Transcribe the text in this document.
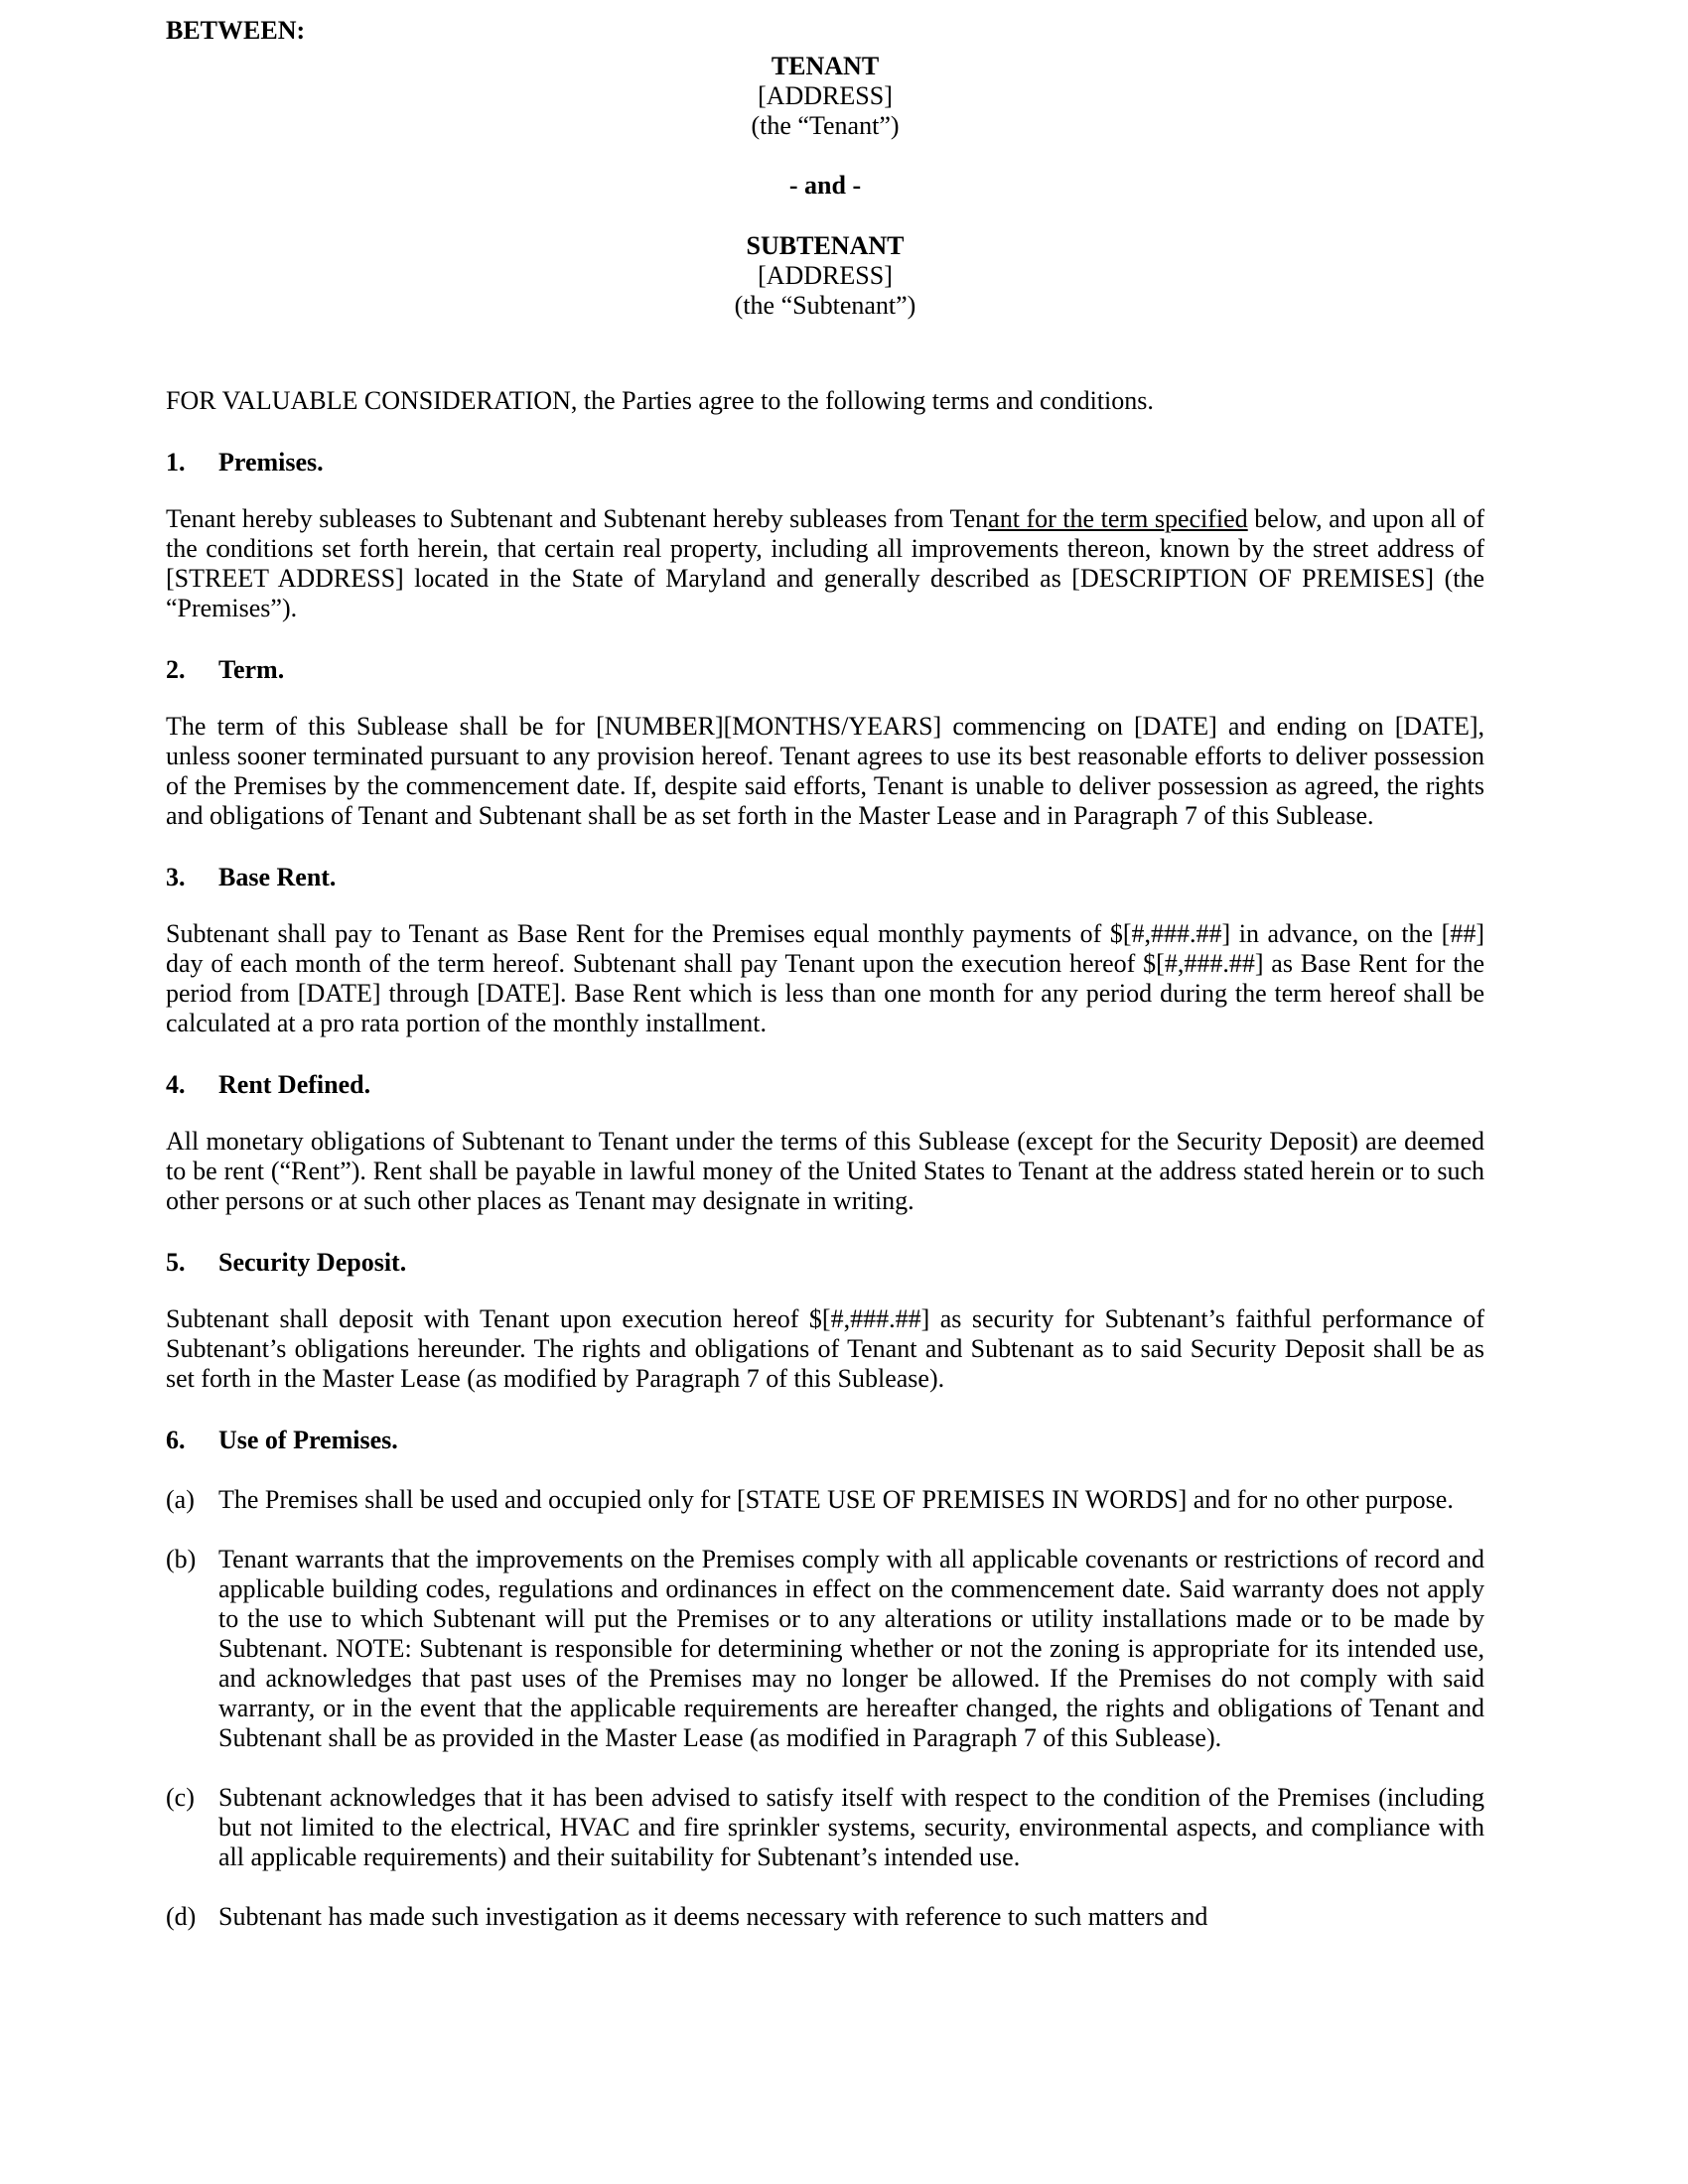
BETWEEN:
TENANT
[ADDRESS]
(the “Tenant”)
- and -
SUBTENANT
[ADDRESS]
(the “Subtenant”)

FOR VALUABLE CONSIDERATION, the Parties agree to the following terms and conditions.

1. Premises.

Tenant hereby subleases to Subtenant and Subtenant hereby subleases from Tenant for the term specified below, and upon all of the conditions set forth herein, that certain real property, including all improvements thereon, known by the street address of [STREET ADDRESS] located in the State of Maryland and generally described as [DESCRIPTION OF PREMISES] (the “Premises”).

2. Term.

The term of this Sublease shall be for [NUMBER][MONTHS/YEARS] commencing on [DATE] and ending on [DATE], unless sooner terminated pursuant to any provision hereof. Tenant agrees to use its best reasonable efforts to deliver possession of the Premises by the commencement date. If, despite said efforts, Tenant is unable to deliver possession as agreed, the rights and obligations of Tenant and Subtenant shall be as set forth in the Master Lease and in Paragraph 7 of this Sublease.

3. Base Rent.

Subtenant shall pay to Tenant as Base Rent for the Premises equal monthly payments of $[#,###.##] in advance, on the [##] day of each month of the term hereof. Subtenant shall pay Tenant upon the execution hereof $[#,###.##] as Base Rent for the period from [DATE] through [DATE]. Base Rent which is less than one month for any period during the term hereof shall be calculated at a pro rata portion of the monthly installment.

4. Rent Defined.

All monetary obligations of Subtenant to Tenant under the terms of this Sublease (except for the Security Deposit) are deemed to be rent (“Rent”). Rent shall be payable in lawful money of the United States to Tenant at the address stated herein or to such other persons or at such other places as Tenant may designate in writing.

5. Security Deposit.

Subtenant shall deposit with Tenant upon execution hereof $[#,###.##] as security for Subtenant’s faithful performance of Subtenant’s obligations hereunder. The rights and obligations of Tenant and Subtenant as to said Security Deposit shall be as set forth in the Master Lease (as modified by Paragraph 7 of this Sublease).

6. Use of Premises.
(a) The Premises shall be used and occupied only for [STATE USE OF PREMISES IN WORDS] and for no other purpose.
(b) Tenant warrants that the improvements on the Premises comply with all applicable covenants or restrictions of record and applicable building codes, regulations and ordinances in effect on the commencement date. Said warranty does not apply to the use to which Subtenant will put the Premises or to any alterations or utility installations made or to be made by Subtenant. NOTE: Subtenant is responsible for determining whether or not the zoning is appropriate for its intended use, and acknowledges that past uses of the Premises may no longer be allowed. If the Premises do not comply with said warranty, or in the event that the applicable requirements are hereafter changed, the rights and obligations of Tenant and Subtenant shall be as provided in the Master Lease (as modified in Paragraph 7 of this Sublease).
(c) Subtenant acknowledges that it has been advised to satisfy itself with respect to the condition of the Premises (including but not limited to the electrical, HVAC and fire sprinkler systems, security, environmental aspects, and compliance with all applicable requirements) and their suitability for Subtenant’s intended use.
(d) Subtenant has made such investigation as it deems necessary with reference to such matters and
